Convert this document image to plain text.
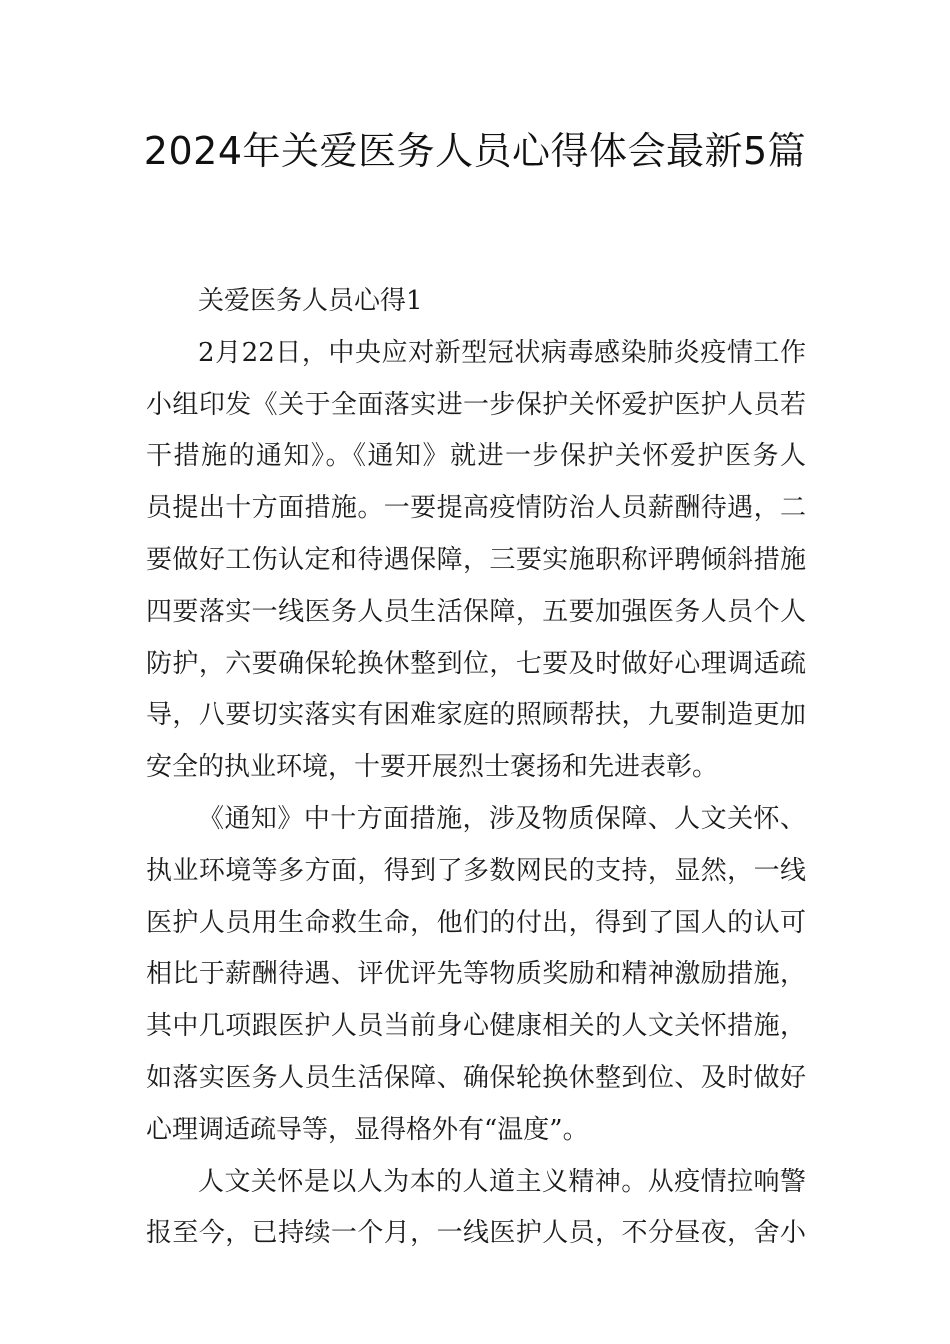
2024年关爱医务人员心得体会最新5篇
关爱医务人员心得1
2月22日，中央应对新型冠状病毒感染肺炎疫情工作
小组印发《关于全面落实进一步保护关怀爱护医护人员若
干措施的通知》。《通知》就进一步保护关怀爱护医务人
员提出十方面措施。一要提高疫情防治人员薪酬待遇，二
要做好工伤认定和待遇保障，三要实施职称评聘倾斜措施
四要落实一线医务人员生活保障，五要加强医务人员个人
防护，六要确保轮换休整到位，七要及时做好心理调适疏
导，八要切实落实有困难家庭的照顾帮扶，九要制造更加
安全的执业环境，十要开展烈士褒扬和先进表彰。
《通知》中十方面措施，涉及物质保障、人文关怀、
执业环境等多方面，得到了多数网民的支持，显然，一线
医护人员用生命救生命，他们的付出，得到了国人的认可
相比于薪酬待遇、评优评先等物质奖励和精神激励措施，
其中几项跟医护人员当前身心健康相关的人文关怀措施，
如落实医务人员生活保障、确保轮换休整到位、及时做好
心理调适疏导等，显得格外有“温度”。
人文关怀是以人为本的人道主义精神。从疫情拉响警
报至今，已持续一个月，一线医护人员，不分昼夜，舍小
